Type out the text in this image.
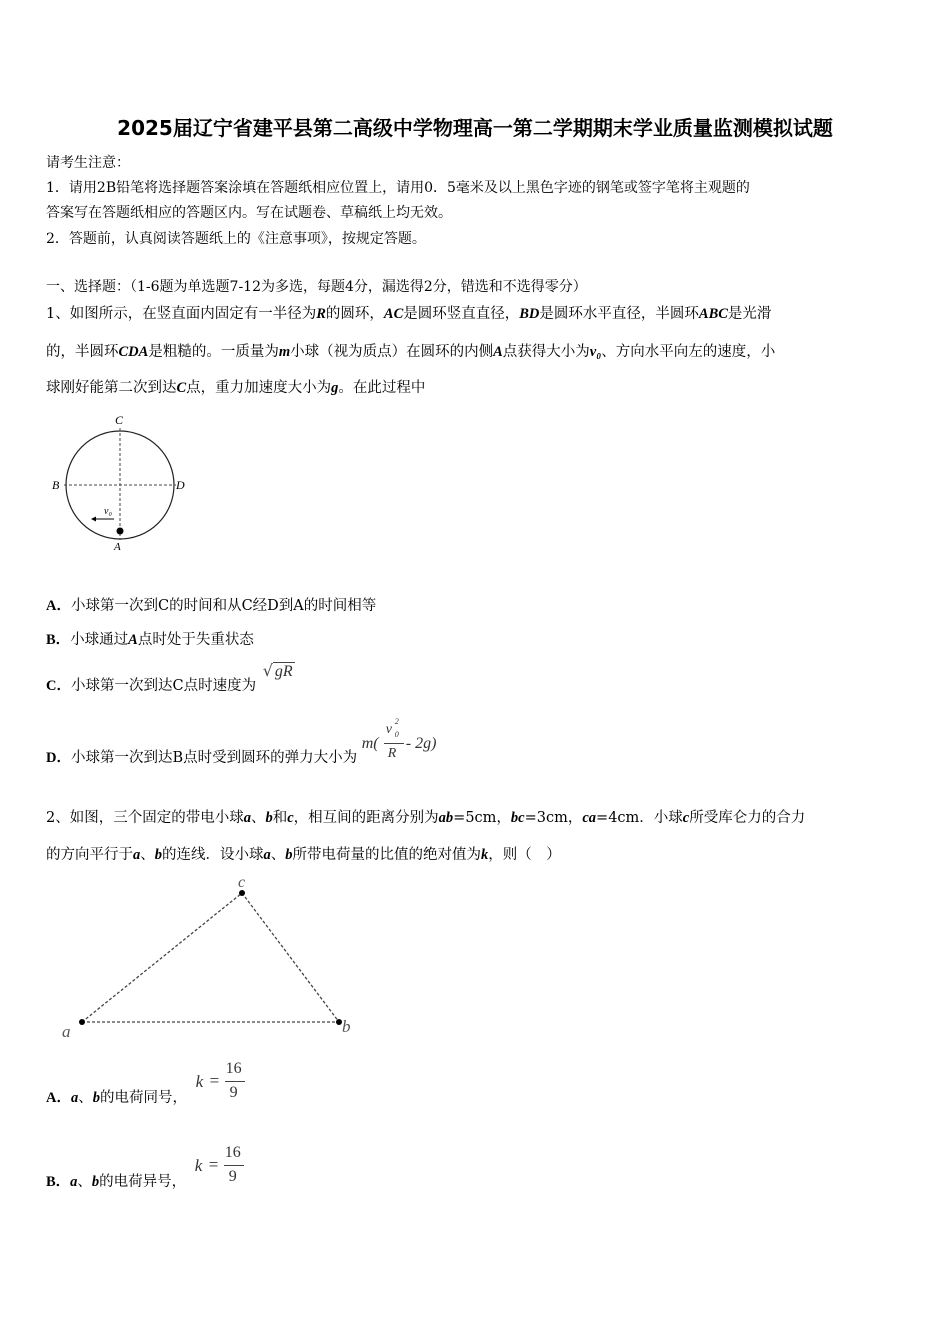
2025届辽宁省建平县第二高级中学物理高一第二学期期末学业质量监测模拟试题
请考生注意：
1．请用2B铅笔将选择题答案涂填在答题纸相应位置上，请用0．5毫米及以上黑色字迹的钢笔或签字笔将主观题的
答案写在答题纸相应的答题区内。写在试题卷、草稿纸上均无效。
2．答题前，认真阅读答题纸上的《注意事项》，按规定答题。
一、选择题：（1-6题为单选题7-12为多选，每题4分，漏选得2分，错选和不选得零分）
1、如图所示，在竖直面内固定有一半径为R的圆环，AC是圆环竖直直径，BD是圆环水平直径，半圆环ABC是光滑
的，半圆环CDA是粗糙的。一质量为m小球（视为质点）在圆环的内侧A点获得大小为v₀、方向水平向左的速度，小
球刚好能第二次到达C点，重力加速度大小为g。在此过程中
C
B	D
A
v₀
A．小球第一次到C的时间和从C经D到A的时间相等
B．小球通过A点时处于失重状态
C．小球第一次到达C点时速度为 √ gR
D．小球第一次到达B点时受到圆环的弹力大小为
m(
v
2
0
R
- 2g)
2、如图，三个固定的带电小球a、b和c，相互间的距离分别为ab=5cm，bc=3cm，ca=4cm．小球c所受库仑力的合力
的方向平行于a、b的连线．设小球a、b所带电荷量的比值的绝对值为k，则（　）
a	b
c
A．a、b的电荷同号，
k =
16
9
B．a、b的电荷异号，
k =
16
9
